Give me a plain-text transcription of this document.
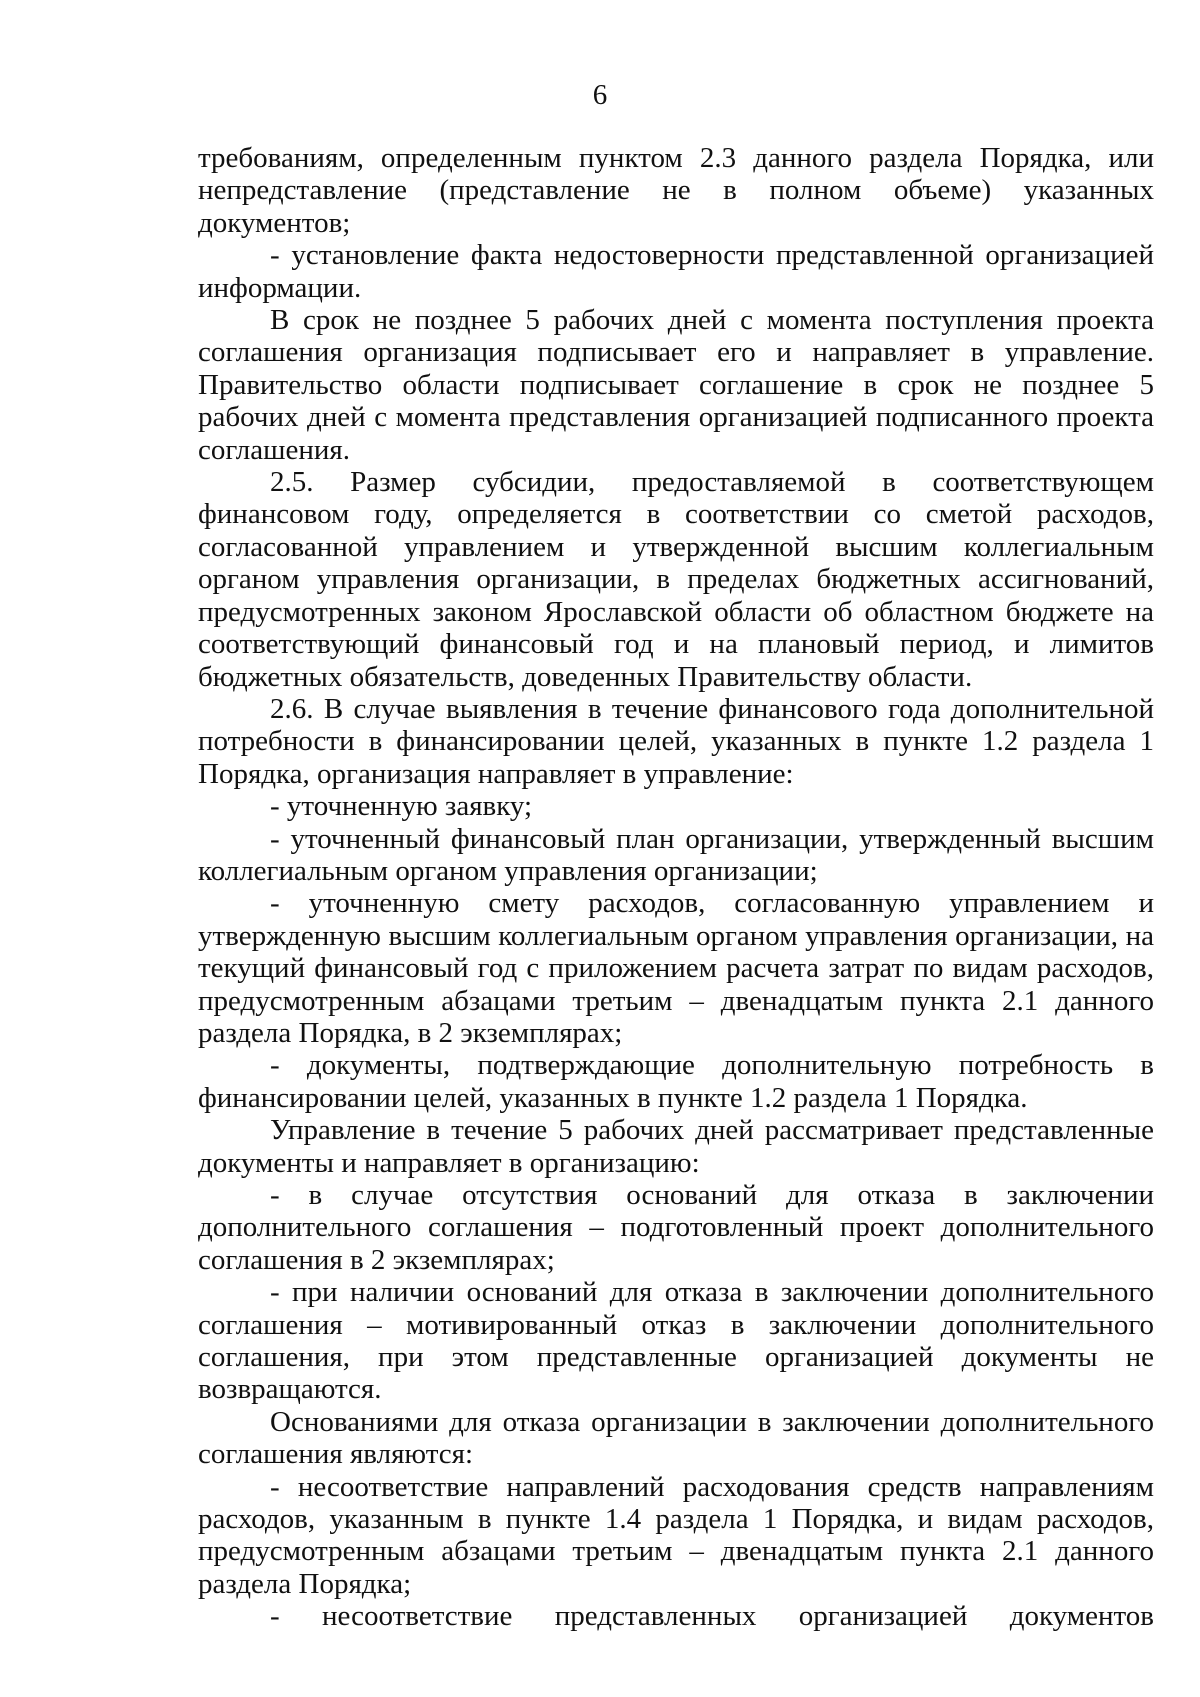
6

требованиям, определенным пунктом 2.3 данного раздела Порядка, или непредставление (представление не в полном объеме) указанных документов;

- установление факта недостоверности представленной организацией информации.

В срок не позднее 5 рабочих дней с момента поступления проекта соглашения организация подписывает его и направляет в управление. Правительство области подписывает соглашение в срок не позднее 5 рабочих дней с момента представления организацией подписанного проекта соглашения.

2.5. Размер субсидии, предоставляемой в соответствующем финансовом году, определяется в соответствии со сметой расходов, согласованной управлением и утвержденной высшим коллегиальным органом управления организации, в пределах бюджетных ассигнований, предусмотренных законом Ярославской области об областном бюджете на соответствующий финансовый год и на плановый период, и лимитов бюджетных обязательств, доведенных Правительству области.

2.6. В случае выявления в течение финансового года дополнительной потребности в финансировании целей, указанных в пункте 1.2 раздела 1 Порядка, организация направляет в управление:

- уточненную заявку;

- уточненный финансовый план организации, утвержденный высшим коллегиальным органом управления организации;

- уточненную смету расходов, согласованную управлением и утвержденную высшим коллегиальным органом управления организации, на текущий финансовый год с приложением расчета затрат по видам расходов, предусмотренным абзацами третьим – двенадцатым пункта 2.1 данного раздела Порядка, в 2 экземплярах;

- документы, подтверждающие дополнительную потребность в финансировании целей, указанных в пункте 1.2 раздела 1 Порядка.

Управление в течение 5 рабочих дней рассматривает представленные документы и направляет в организацию:

- в случае отсутствия оснований для отказа в заключении дополнительного соглашения – подготовленный проект дополнительного соглашения в 2 экземплярах;

- при наличии оснований для отказа в заключении дополнительного соглашения – мотивированный отказ в заключении дополнительного соглашения, при этом представленные организацией документы не возвращаются.

Основаниями для отказа организации в заключении дополнительного соглашения являются:

- несоответствие направлений расходования средств направлениям расходов, указанным в пункте 1.4 раздела 1 Порядка, и видам расходов, предусмотренным абзацами третьим – двенадцатым пункта 2.1 данного раздела Порядка;

- несоответствие представленных организацией документов
